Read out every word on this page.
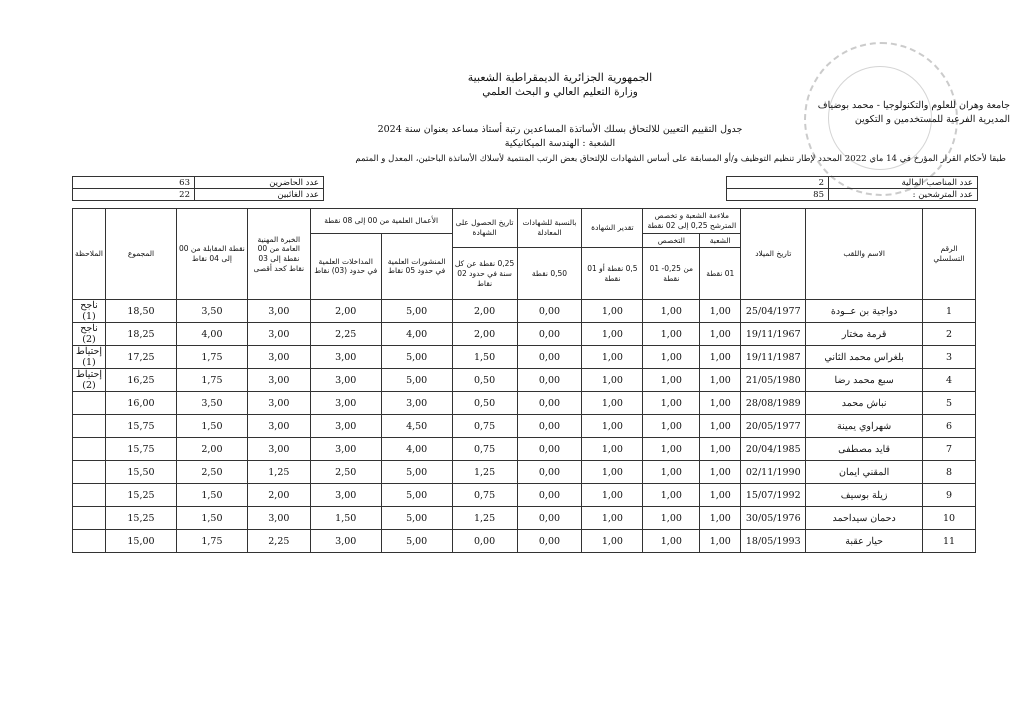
الجمهورية الجزائرية الديمقراطية الشعبية
وزارة التعليم العالي و البحث العلمي
جامعة وهران للعلوم والتكنولوجيا - محمد بوضياف
المديرية الفرعية للمستخدمين و التكوين
جدول التقييم التعيين للالتحاق بسلك الأساتذة المساعدين رتبة أستاذ مساعد بعنوان سنة 2024
الشعبة : الهندسة الميكانيكية
طبقا لأحكام القرار المؤرخ في 14 ماي 2022 المحدد لإطار تنظيم التوظيف و/أو المسابقة على أساس الشهادات للإلتحاق بعض الرتب المنتمية لأسلاك الأساتذة الباحثين، المعدل و المتمم
عدد المناصب المالية	2
عدد المترشحين :	85
عدد الحاضرين	63
عدد الغائبين	22
الرقم التسلسلي	الاسم واللقب	تاريخ الميلاد	ملاءمة الشعبة و تخصص المترشح 0,25 إلى 02 نقطة		تقدير الشهادة	بالنسبة للشهادات المعادلة	تاريخ الحصول على الشهادة	الأعمال العلمية من 00 إلى 08 نقطة		الخبرة المهنية العامة من 00 نقطة إلى 03 نقاط كحد أقصى	نقطة المقابلة من 00 إلى 04 نقاط	المجموع	الملاحظة
			الشعبة	التخصص				المنشورات العلمية في حدود 05 نقاط	المداخلات العلمية في حدود (03) نقاط				
			01 نقطة	من 0,25- 01 نقطة	0,5 نقطة أو 01 نقطة	0,50 نقطة	0,25 نقطة عن كل سنة في حدود 02 نقاط						
1	دواجية بن عــودة	25/04/1977	1,00	1,00	1,00	0,00	2,00	5,00	2,00	3,00	3,50	18,50	ناجح (1)
2	قرمة مختار	19/11/1967	1,00	1,00	1,00	0,00	2,00	4,00	2,25	3,00	4,00	18,25	ناجح (2)
3	بلغراس محمد الثاني	19/11/1987	1,00	1,00	1,00	0,00	1,50	5,00	3,00	3,00	1,75	17,25	إحتياط (1)
4	سبع محمد رضا	21/05/1980	1,00	1,00	1,00	0,00	0,50	5,00	3,00	3,00	1,75	16,25	إحتياط (2)
5	نباش محمد	28/08/1989	1,00	1,00	1,00	0,00	0,50	3,00	3,00	3,00	3,50	16,00	
6	شهراوي يمينة	20/05/1977	1,00	1,00	1,00	0,00	0,75	4,50	3,00	3,00	1,50	15,75	
7	قايد مصطفى	20/04/1985	1,00	1,00	1,00	0,00	0,75	4,00	3,00	3,00	2,00	15,75	
8	المقني ايمان	02/11/1990	1,00	1,00	1,00	0,00	1,25	5,00	2,50	1,25	2,50	15,50	
9	زيلة بوسيف	15/07/1992	1,00	1,00	1,00	0,00	0,75	5,00	3,00	2,00	1,50	15,25	
10	دحمان سيداحمد	30/05/1976	1,00	1,00	1,00	0,00	1,25	5,00	1,50	3,00	1,50	15,25	
11	حيار عقبة	18/05/1993	1,00	1,00	1,00	0,00	0,00	5,00	3,00	2,25	1,75	15,00	
